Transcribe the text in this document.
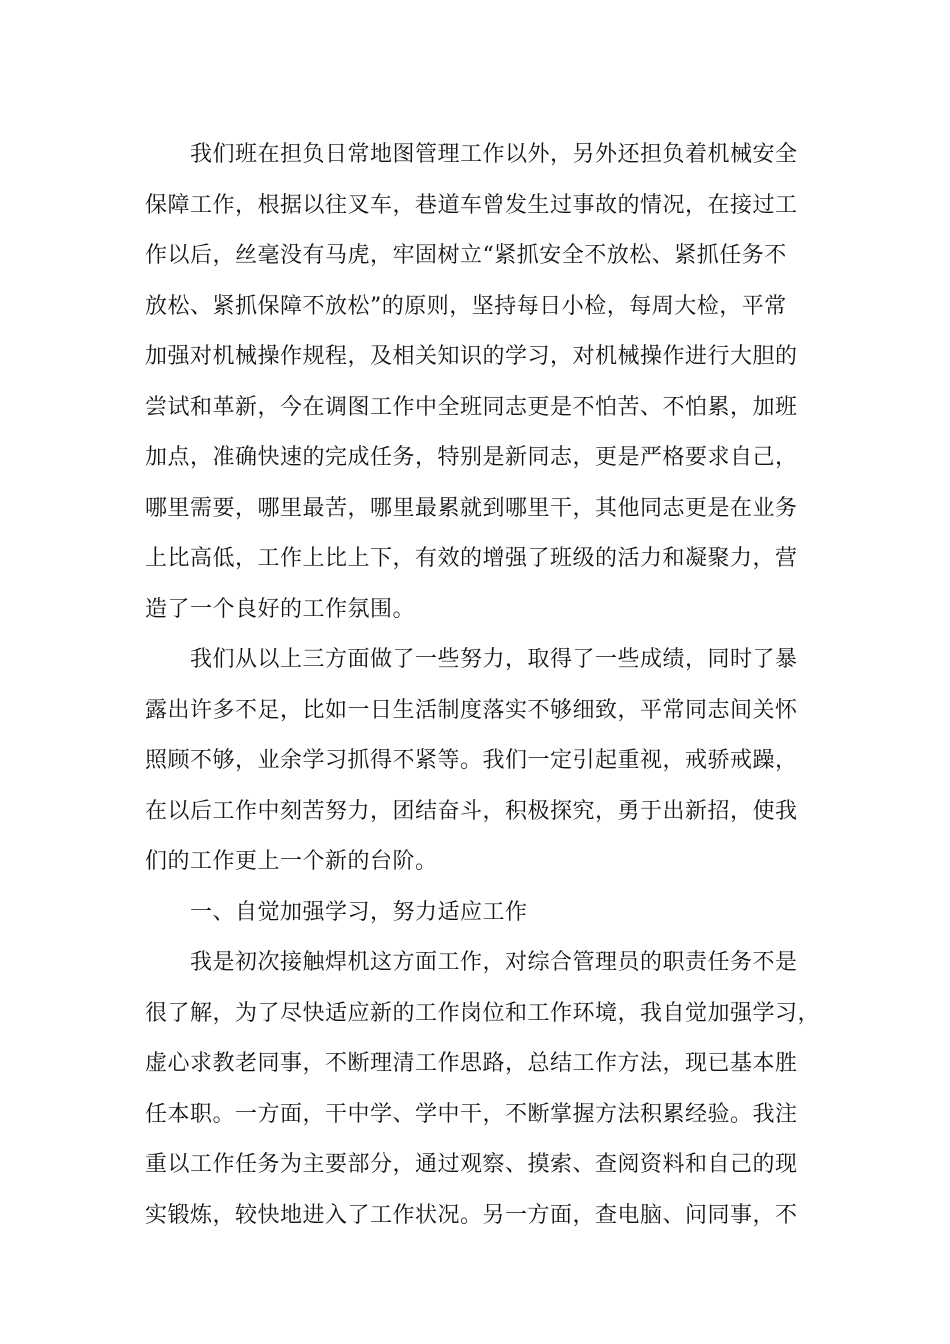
我们班在担负日常地图管理工作以外，另外还担负着机械安全
保障工作，根据以往叉车，巷道车曾发生过事故的情况，在接过工
作以后，丝毫没有马虎，牢固树立“紧抓安全不放松、紧抓任务不
放松、紧抓保障不放松”的原则，坚持每日小检，每周大检，平常
加强对机械操作规程，及相关知识的学习，对机械操作进行大胆的
尝试和革新，今在调图工作中全班同志更是不怕苦、不怕累，加班
加点，准确快速的完成任务，特别是新同志，更是严格要求自己，
哪里需要，哪里最苦，哪里最累就到哪里干，其他同志更是在业务
上比高低，工作上比上下，有效的增强了班级的活力和凝聚力，营
造了一个良好的工作氛围。
我们从以上三方面做了一些努力，取得了一些成绩，同时了暴
露出许多不足，比如一日生活制度落实不够细致，平常同志间关怀
照顾不够，业余学习抓得不紧等。我们一定引起重视，戒骄戒躁，
在以后工作中刻苦努力，团结奋斗，积极探究，勇于出新招，使我
们的工作更上一个新的台阶。
一、自觉加强学习，努力适应工作
我是初次接触焊机这方面工作，对综合管理员的职责任务不是
很了解，为了尽快适应新的工作岗位和工作环境，我自觉加强学习，
虚心求教老同事，不断理清工作思路，总结工作方法，现已基本胜
任本职。一方面，干中学、学中干，不断掌握方法积累经验。我注
重以工作任务为主要部分，通过观察、摸索、查阅资料和自己的现
实锻炼，较快地进入了工作状况。另一方面，查电脑、问同事，不
